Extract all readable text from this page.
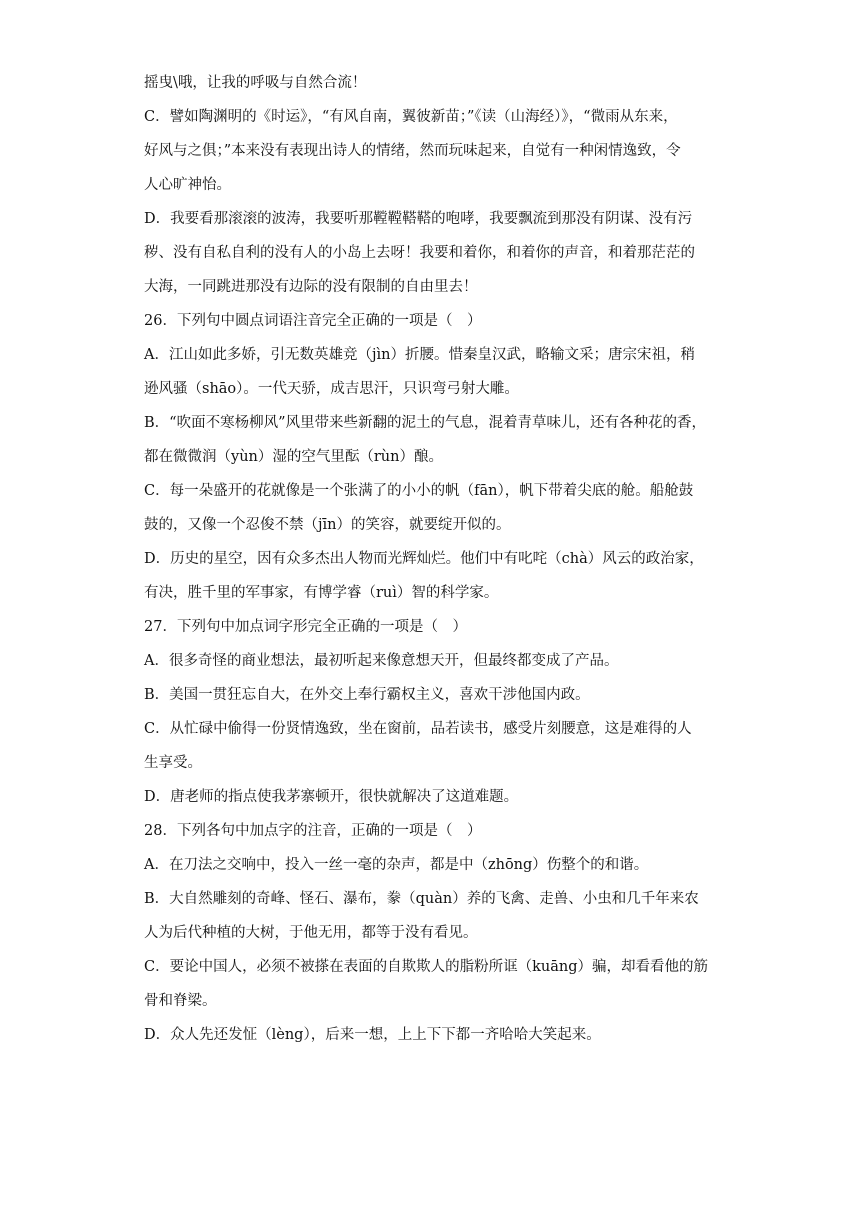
摇曳\哦，让我的呼吸与自然合流！
C．譬如陶渊明的《时运》，“有风自南，翼彼新苗；”《读（山海经）》，“微雨从东来，
好风与之俱；”本来没有表现出诗人的情绪，然而玩味起来，自觉有一种闲情逸致，令
人心旷神怡。
D．我要看那滚滚的波涛，我要听那鞺鞺鞳鞳的咆哮，我要飘流到那没有阴谋、没有污
秽、没有自私自利的没有人的小岛上去呀！我要和着你，和着你的声音，和着那茫茫的
大海，一同跳进那没有边际的没有限制的自由里去！
26．下列句中圆点词语注音完全正确的一项是（　）
A．江山如此多娇，引无数英雄竞（jìn）折腰。惜秦皇汉武，略输文采；唐宗宋祖，稍
逊风骚（shāo）。一代天骄，成吉思汗，只识弯弓射大雕。
B．“吹面不寒杨柳风”风里带来些新翻的泥土的气息，混着青草味儿，还有各种花的香，
都在微微润（yùn）湿的空气里酝（rùn）酿。
C．每一朵盛开的花就像是一个张满了的小小的帆（fān），帆下带着尖底的舱。船舱鼓
鼓的，又像一个忍俊不禁（jīn）的笑容，就要绽开似的。
D．历史的星空，因有众多杰出人物而光辉灿烂。他们中有叱咤（chà）风云的政治家，
有决，胜千里的军事家，有博学睿（ruì）智的科学家。
27．下列句中加点词字形完全正确的一项是（　）
A．很多奇怪的商业想法，最初听起来像意想天开，但最终都变成了产品。
B．美国一贯狂忘自大，在外交上奉行霸权主义，喜欢干涉他国内政。
C．从忙碌中偷得一份贤情逸致，坐在窗前，品若读书，感受片刻腰意，这是难得的人
生享受。
D．唐老师的指点使我茅寨顿开，很快就解决了这道难题。
28．下列各句中加点字的注音，正确的一项是（　）
A．在刀法之交响中，投入一丝一毫的杂声，都是中（zhōng）伤整个的和谐。
B．大自然雕刻的奇峰、怪石、瀑布，豢（quàn）养的飞禽、走兽、小虫和几千年来农
人为后代种植的大树，于他无用，都等于没有看见。
C．要论中国人，必须不被搽在表面的自欺欺人的脂粉所诓（kuāng）骗，却看看他的筋
骨和脊梁。
D．众人先还发怔（lèng），后来一想，上上下下都一齐哈哈大笑起来。
